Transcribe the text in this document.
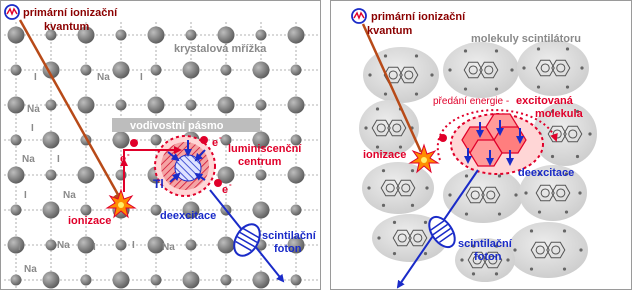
I	Na	I
Na
I
Na I
I	Na
I
Na
Na I	I	Na
vodivostní pásmo
krystalová mřížka
Tl
e -
e -
e -
luminiscenční
centrum
primární ionizační
kvantum
ionizace	deexcitace
scintilační
foton
molekuly scintilátoru
předání energie - excitovaná
molekula
deexcitace
primární ionizační
kvantum
ionizace
scintilační
foton
